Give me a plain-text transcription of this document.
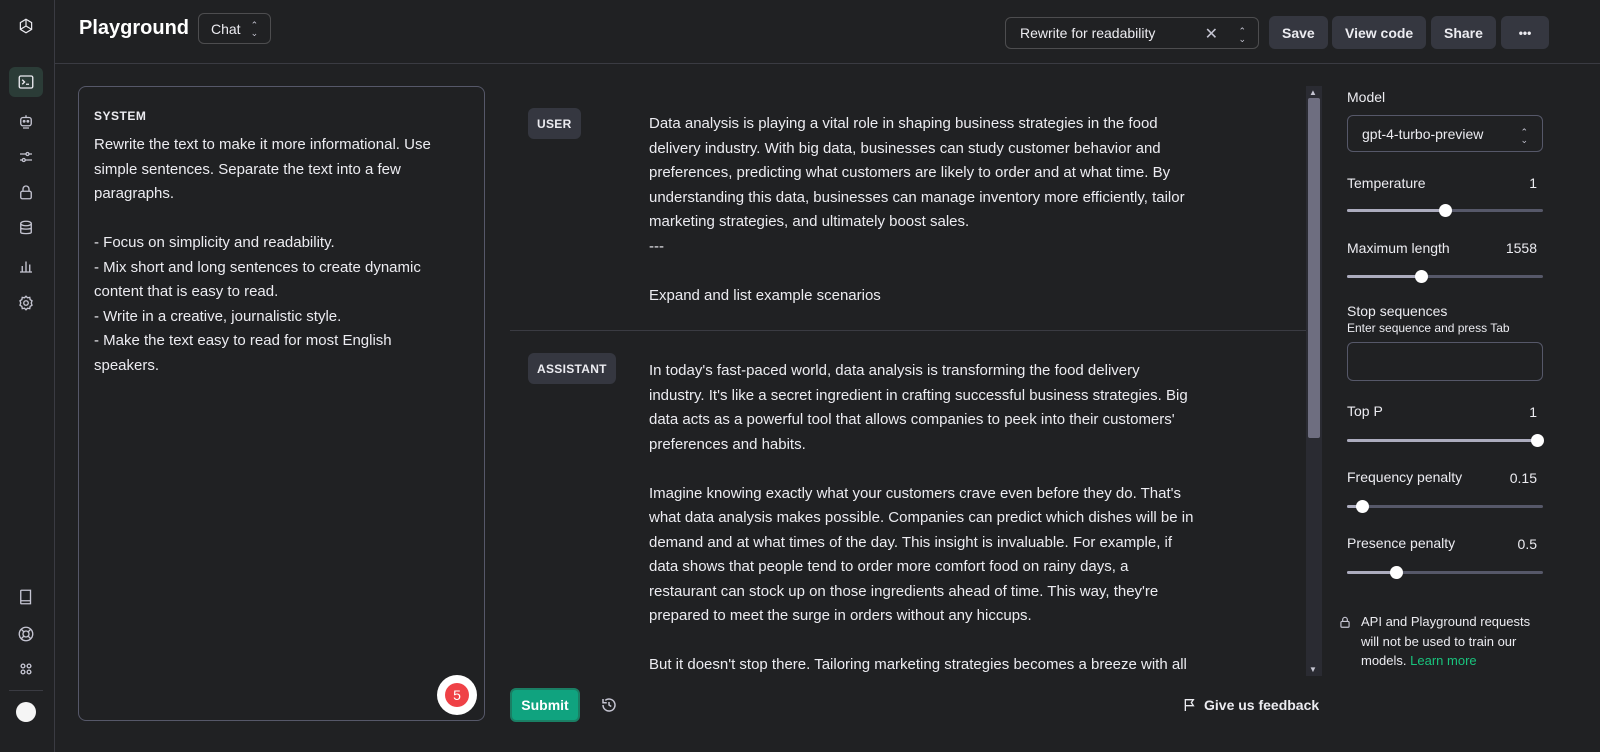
Playground Chat ⌃
⌄	Rewrite for readability	✕ ⌃
⌄	Save	View code	Share	•••
SYSTEM
Rewrite the text to make it more informational. Use
simple sentences. Separate the text into a few
paragraphs.

- Focus on simplicity and readability.
- Mix short and long sentences to create dynamic
content that is easy to read.
- Write in a creative, journalistic style.
- Make the text easy to read for most English
speakers.
5
USER	Data analysis is playing a vital role in shaping business strategies in the food
delivery industry. With big data, businesses can study customer behavior and
preferences, predicting what customers are likely to order and at what time. By
understanding this data, businesses can manage inventory more efficiently, tailor
marketing strategies, and ultimately boost sales.
---

Expand and list example scenarios
ASSISTANT	In today's fast-paced world, data analysis is transforming the food delivery
industry. It's like a secret ingredient in crafting successful business strategies. Big
data acts as a powerful tool that allows companies to peek into their customers'
preferences and habits.

Imagine knowing exactly what your customers crave even before they do. That's
what data analysis makes possible. Companies can predict which dishes will be in
demand and at what times of the day. This insight is invaluable. For example, if
data shows that people tend to order more comfort food on rainy days, a
restaurant can stock up on those ingredients ahead of time. This way, they're
prepared to meet the surge in orders without any hiccups.

But it doesn't stop there. Tailoring marketing strategies becomes a breeze with all
▲
▼
Submit	Give us feedback
Model
gpt-4-turbo-preview	⌃
⌄
Temperature	1
Maximum length	1558
Stop sequences
Enter sequence and press Tab
Top P	1
Frequency penalty	0.15
Presence penalty	0.5
API and Playground requests will not be used to train our models. Learn more
